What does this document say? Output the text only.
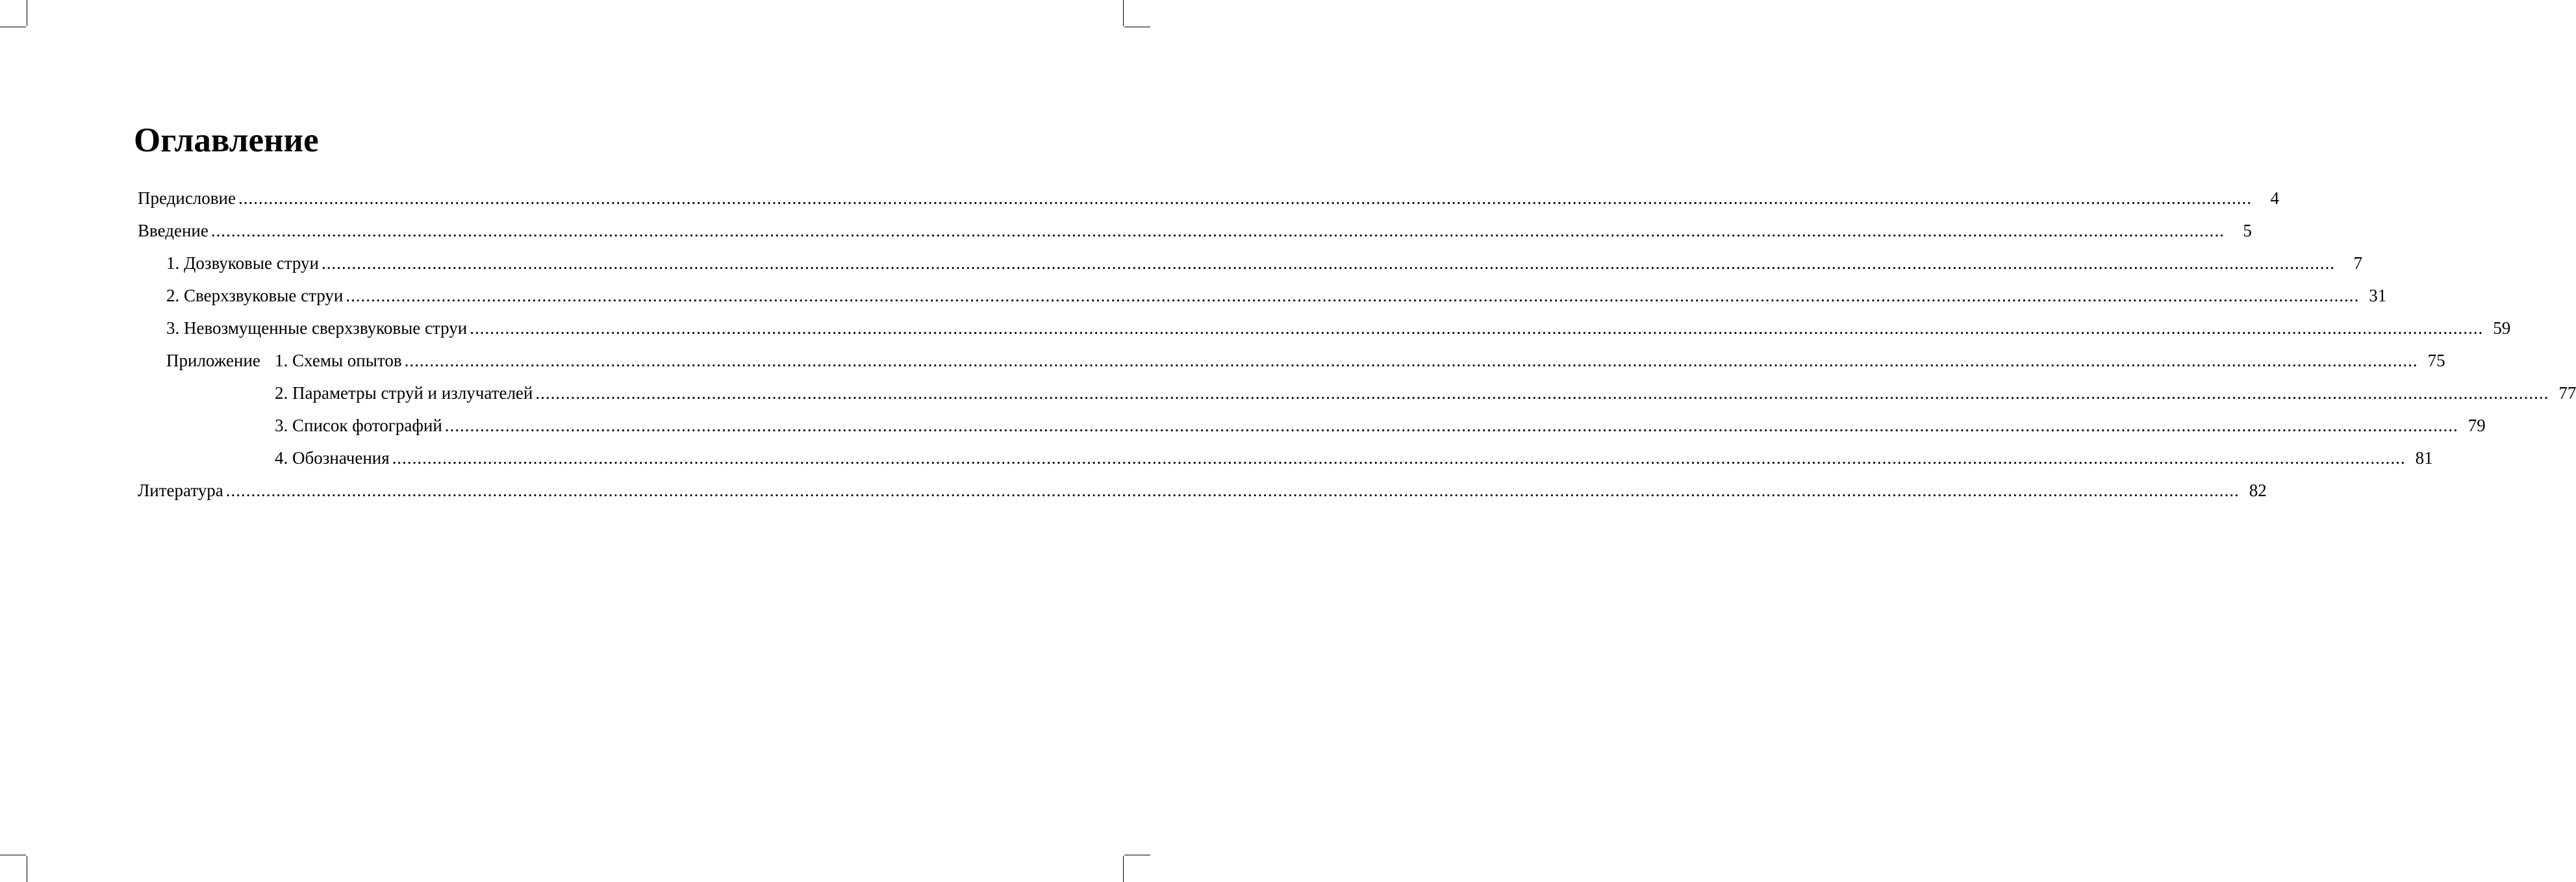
Оглавление
Предисловие ................................................................................................................................................................................................................................................................................................................................................................................................................	4
Введение ................................................................................................................................................................................................................................................................................................................................................................................................................	5
1. Дозвуковые струи ................................................................................................................................................................................................................................................................................................................................................................................................................	7
2. Сверхзвуковые струи ................................................................................................................................................................................................................................................................................................................................................................................................................ 31
3. Невозмущенные сверхзвуковые струи ................................................................................................................................................................................................................................................................................................................................................................................................................ 59
Приложение 1. Схемы опытов ................................................................................................................................................................................................................................................................................................................................................................................................................ 75
2. Параметры струй и излучателей ................................................................................................................................................................................................................................................................................................................................................................................................................ 77
3. Список фотографий ................................................................................................................................................................................................................................................................................................................................................................................................................ 79
4. Обозначения ................................................................................................................................................................................................................................................................................................................................................................................................................ 81
Литература ................................................................................................................................................................................................................................................................................................................................................................................................................ 82
